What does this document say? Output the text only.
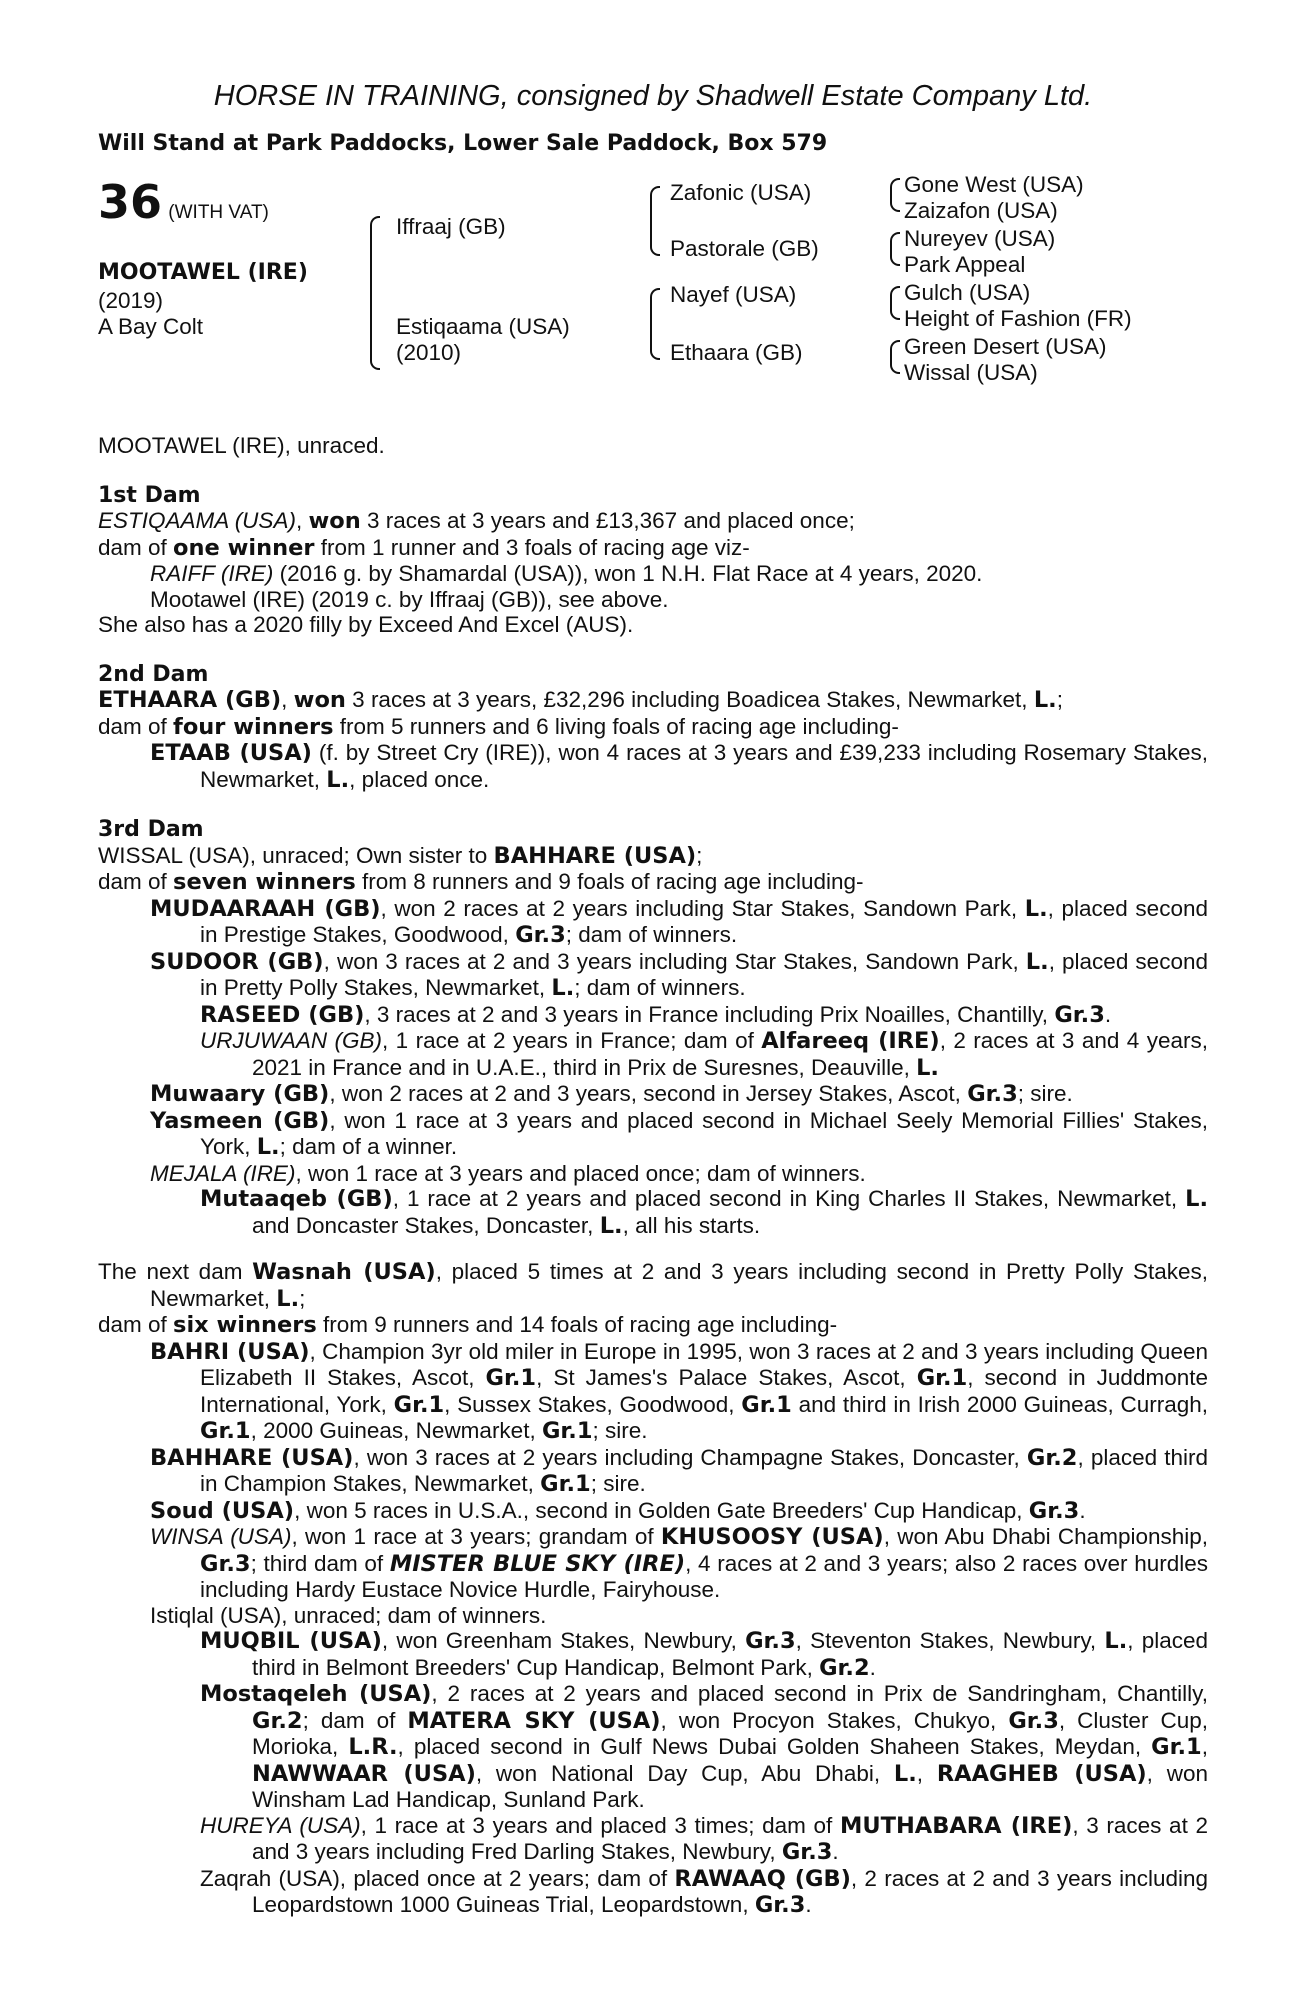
HORSE IN TRAINING, consigned by Shadwell Estate Company Ltd.
Will Stand at Park Paddocks, Lower Sale Paddock, Box 579
36 (WITH VAT)
MOOTAWEL (IRE)
(2019)
A Bay Colt
Iffraaj (GB)
Estiqaama (USA)
(2010)
Zafonic (USA)
Pastorale (GB)
Nayef (USA)
Ethaara (GB)
Gone West (USA)
Zaizafon (USA)
Nureyev (USA)
Park Appeal
Gulch (USA)
Height of Fashion (FR)
Green Desert (USA)
Wissal (USA)

MOOTAWEL (IRE), unraced.

1st Dam

ESTIQAAMA (USA), won 3 races at 3 years and £13,367 and placed once;

dam of one winner from 1 runner and 3 foals of racing age viz-

RAIFF (IRE) (2016 g. by Shamardal (USA)), won 1 N.H. Flat Race at 4 years, 2020.

Mootawel (IRE) (2019 c. by Iffraaj (GB)), see above.

She also has a 2020 filly by Exceed And Excel (AUS).

2nd Dam

ETHAARA (GB), won 3 races at 3 years, £32,296 including Boadicea Stakes, Newmarket, L.;

dam of four winners from 5 runners and 6 living foals of racing age including-

ETAAB (USA) (f. by Street Cry (IRE)), won 4 races at 3 years and £39,233 including Rosemary Stakes, Newmarket, L., placed once.

3rd Dam

WISSAL (USA), unraced; Own sister to BAHHARE (USA);

dam of seven winners from 8 runners and 9 foals of racing age including-

MUDAARAAH (GB), won 2 races at 2 years including Star Stakes, Sandown Park, L., placed second in Prestige Stakes, Goodwood, Gr.3; dam of winners.

SUDOOR (GB), won 3 races at 2 and 3 years including Star Stakes, Sandown Park, L., placed second in Pretty Polly Stakes, Newmarket, L.; dam of winners.

RASEED (GB), 3 races at 2 and 3 years in France including Prix Noailles, Chantilly, Gr.3.

URJUWAAN (GB), 1 race at 2 years in France; dam of Alfareeq (IRE), 2 races at 3 and 4 years, 2021 in France and in U.A.E., third in Prix de Suresnes, Deauville, L.

Muwaary (GB), won 2 races at 2 and 3 years, second in Jersey Stakes, Ascot, Gr.3; sire.

Yasmeen (GB), won 1 race at 3 years and placed second in Michael Seely Memorial Fillies' Stakes, York, L.; dam of a winner.

MEJALA (IRE), won 1 race at 3 years and placed once; dam of winners.

Mutaaqeb (GB), 1 race at 2 years and placed second in King Charles II Stakes, Newmarket, L. and Doncaster Stakes, Doncaster, L., all his starts.

The next dam Wasnah (USA), placed 5 times at 2 and 3 years including second in Pretty Polly Stakes, Newmarket, L.;

dam of six winners from 9 runners and 14 foals of racing age including-

BAHRI (USA), Champion 3yr old miler in Europe in 1995, won 3 races at 2 and 3 years including Queen Elizabeth II Stakes, Ascot, Gr.1, St James's Palace Stakes, Ascot, Gr.1, second in Juddmonte International, York, Gr.1, Sussex Stakes, Goodwood, Gr.1 and third in Irish 2000 Guineas, Curragh, Gr.1, 2000 Guineas, Newmarket, Gr.1; sire.

BAHHARE (USA), won 3 races at 2 years including Champagne Stakes, Doncaster, Gr.2, placed third in Champion Stakes, Newmarket, Gr.1; sire.

Soud (USA), won 5 races in U.S.A., second in Golden Gate Breeders' Cup Handicap, Gr.3.

WINSA (USA), won 1 race at 3 years; grandam of KHUSOOSY (USA), won Abu Dhabi Championship, Gr.3; third dam of MISTER BLUE SKY (IRE), 4 races at 2 and 3 years; also 2 races over hurdles including Hardy Eustace Novice Hurdle, Fairyhouse.

Istiqlal (USA), unraced; dam of winners.

MUQBIL (USA), won Greenham Stakes, Newbury, Gr.3, Steventon Stakes, Newbury, L., placed third in Belmont Breeders' Cup Handicap, Belmont Park, Gr.2.

Mostaqeleh (USA), 2 races at 2 years and placed second in Prix de Sandringham, Chantilly, Gr.2; dam of MATERA SKY (USA), won Procyon Stakes, Chukyo, Gr.3, Cluster Cup, Morioka, L.R., placed second in Gulf News Dubai Golden Shaheen Stakes, Meydan, Gr.1, NAWWAAR (USA), won National Day Cup, Abu Dhabi, L., RAAGHEB (USA), won Winsham Lad Handicap, Sunland Park.

HUREYA (USA), 1 race at 3 years and placed 3 times; dam of MUTHABARA (IRE), 3 races at 2 and 3 years including Fred Darling Stakes, Newbury, Gr.3.

Zaqrah (USA), placed once at 2 years; dam of RAWAAQ (GB), 2 races at 2 and 3 years including Leopardstown 1000 Guineas Trial, Leopardstown, Gr.3.
